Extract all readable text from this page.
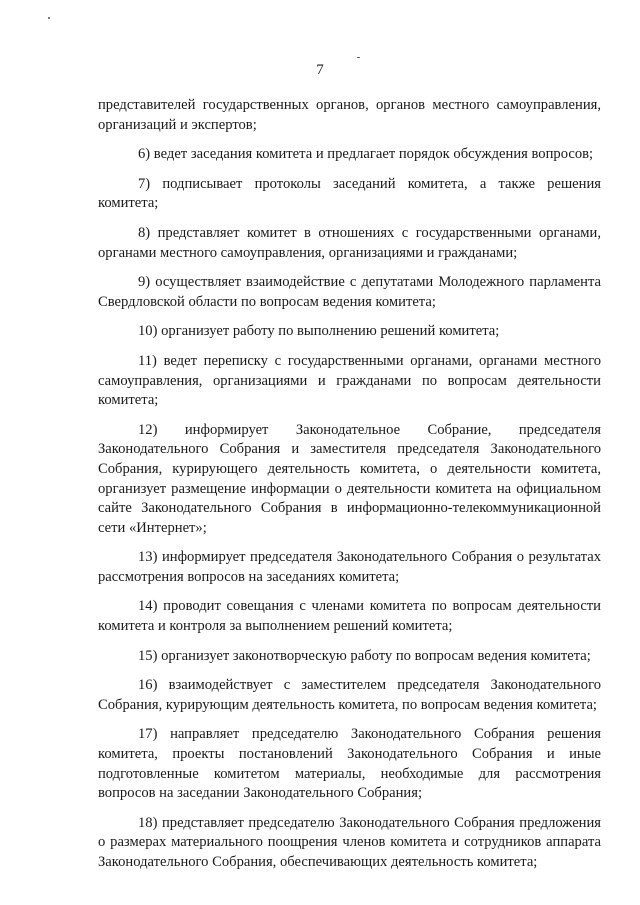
7

представителей государственных органов, органов местного самоуправления, организаций и экспертов;

6) ведет заседания комитета и предлагает порядок обсуждения вопросов;

7) подписывает протоколы заседаний комитета, а также решения комитета;

8) представляет комитет в отношениях с государственными органами, органами местного самоуправления, организациями и гражданами;

9) осуществляет взаимодействие с депутатами Молодежного парламента Свердловской области по вопросам ведения комитета;

10) организует работу по выполнению решений комитета;

11) ведет переписку с государственными органами, органами местного самоуправления, организациями и гражданами по вопросам деятельности комитета;

12) информирует Законодательное Собрание, председателя Законодательного Собрания и заместителя председателя Законодательного Собрания, курирующего деятельность комитета, о деятельности комитета, организует размещение информации о деятельности комитета на официальном сайте Законодательного Собрания в информационно-телекоммуникационной сети «Интернет»;

13) информирует председателя Законодательного Собрания о результатах рассмотрения вопросов на заседаниях комитета;

14) проводит совещания с членами комитета по вопросам деятельности комитета и контроля за выполнением решений комитета;

15) организует законотворческую работу по вопросам ведения комитета;

16) взаимодействует с заместителем председателя Законодательного Собрания, курирующим деятельность комитета, по вопросам ведения комитета;

17) направляет председателю Законодательного Собрания решения комитета, проекты постановлений Законодательного Собрания и иные подготовленные комитетом материалы, необходимые для рассмотрения вопросов на заседании Законодательного Собрания;

18) представляет председателю Законодательного Собрания предложения о размерах материального поощрения членов комитета и сотрудников аппарата Законодательного Собрания, обеспечивающих деятельность комитета;
